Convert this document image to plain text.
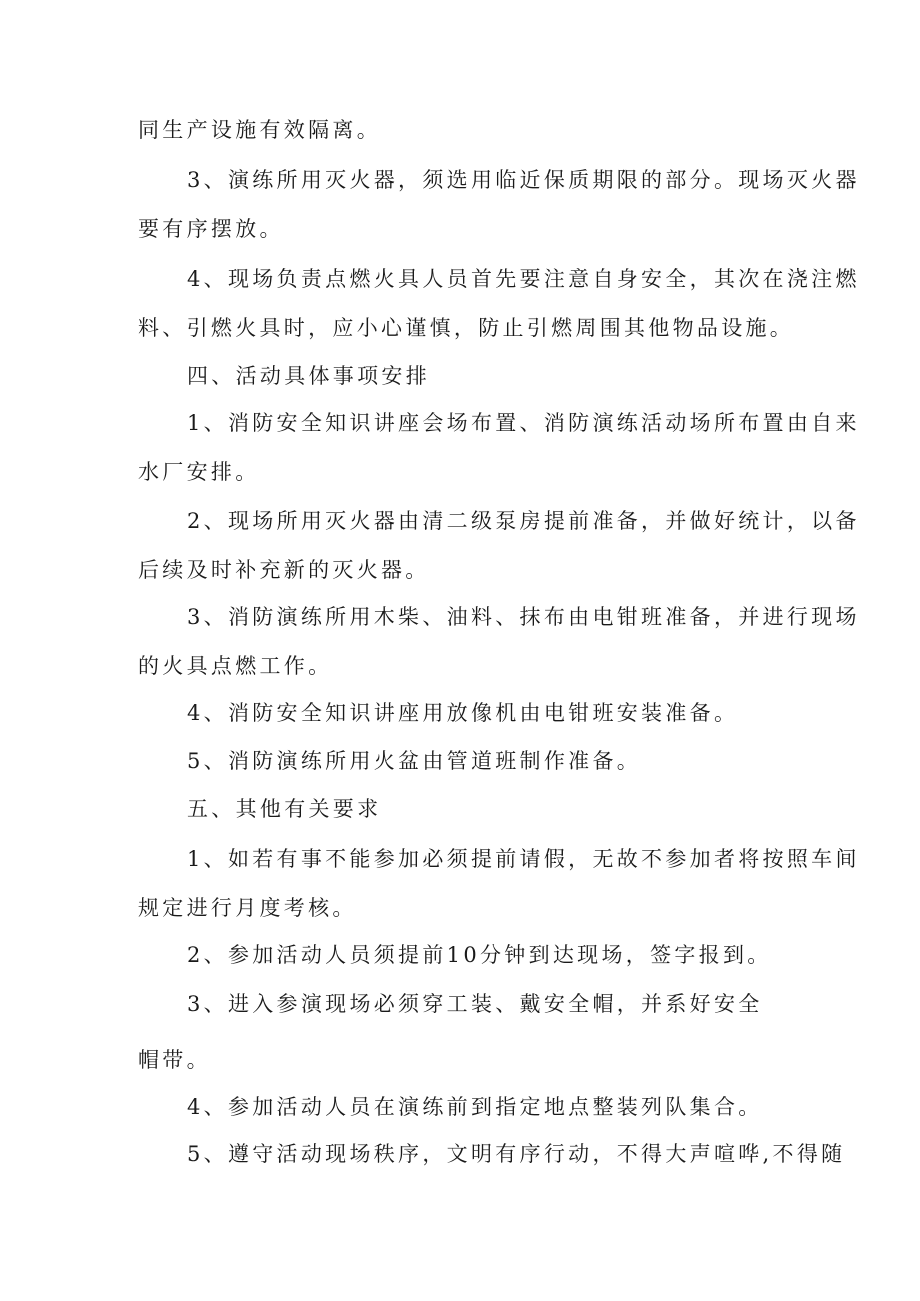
同生产设施有效隔离。
3、演练所用灭火器，须选用临近保质期限的部分。现场灭火器
要有序摆放。
4、现场负责点燃火具人员首先要注意自身安全，其次在浇注燃
料、引燃火具时，应小心谨慎，防止引燃周围其他物品设施。
四、活动具体事项安排
1、消防安全知识讲座会场布置、消防演练活动场所布置由自来
水厂安排。
2、现场所用灭火器由清二级泵房提前准备，并做好统计，以备
后续及时补充新的灭火器。
3、消防演练所用木柴、油料、抹布由电钳班准备，并进行现场
的火具点燃工作。
4、消防安全知识讲座用放像机由电钳班安装准备。
5、消防演练所用火盆由管道班制作准备。
五、其他有关要求
1、如若有事不能参加必须提前请假，无故不参加者将按照车间
规定进行月度考核。
2、参加活动人员须提前10分钟到达现场，签字报到。
3、进入参演现场必须穿工装、戴安全帽，并系好安全
帽带。
4、参加活动人员在演练前到指定地点整装列队集合。
5、遵守活动现场秩序，文明有序行动，不得大声喧哗,不得随
